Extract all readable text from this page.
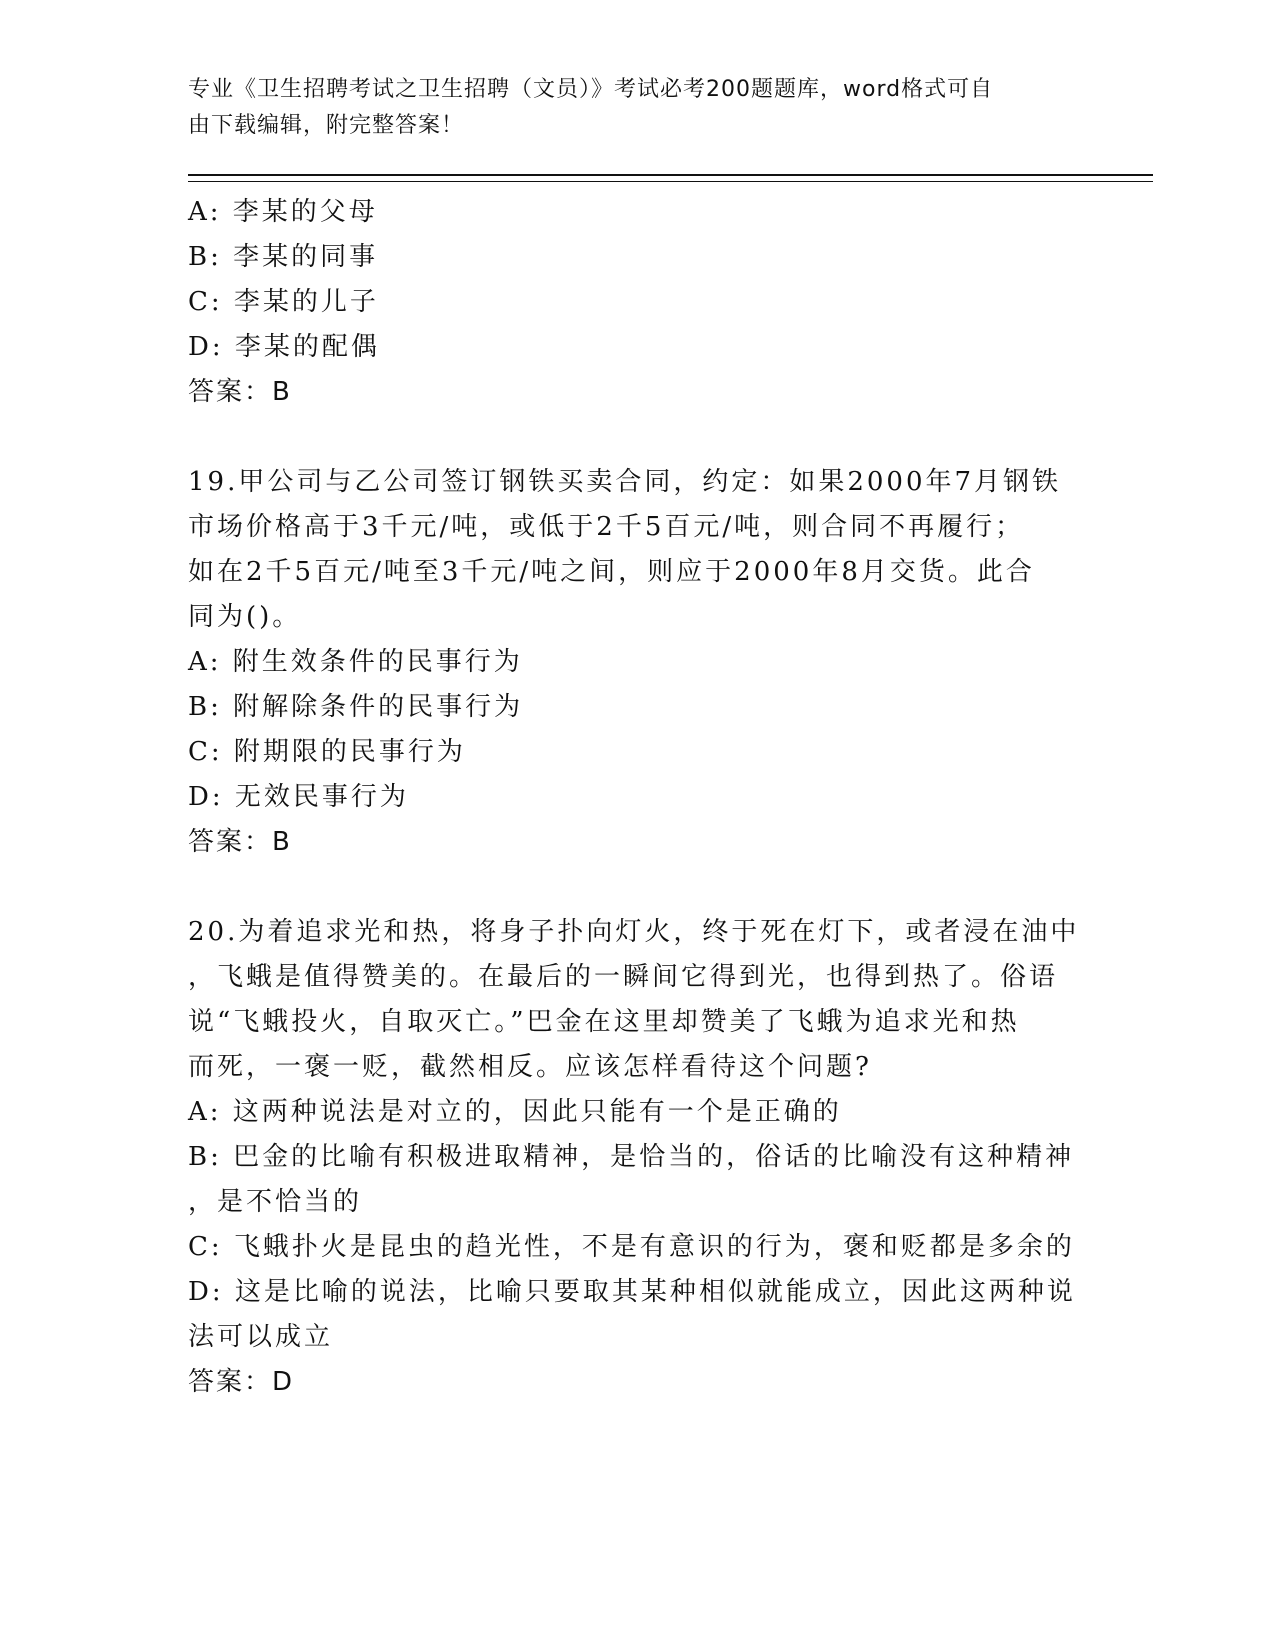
专业《卫生招聘考试之卫生招聘（文员）》考试必考200题题库，word格式可自

由下载编辑，附完整答案！

A: 李某的父母

B: 李某的同事

C: 李某的儿子

D: 李某的配偶

答案：B

19.甲公司与乙公司签订钢铁买卖合同，约定：如果2000年7月钢铁

市场价格高于3千元/吨，或低于2千5百元/吨，则合同不再履行；

如在2千5百元/吨至3千元/吨之间，则应于2000年8月交货。此合

同为()。

A: 附生效条件的民事行为

B: 附解除条件的民事行为

C: 附期限的民事行为

D: 无效民事行为

答案：B

20.为着追求光和热，将身子扑向灯火，终于死在灯下，或者浸在油中

，飞蛾是值得赞美的。在最后的一瞬间它得到光，也得到热了。俗语

说“飞蛾投火，自取灭亡。”巴金在这里却赞美了飞蛾为追求光和热

而死，一褒一贬，截然相反。应该怎样看待这个问题?

A: 这两种说法是对立的，因此只能有一个是正确的

B: 巴金的比喻有积极进取精神，是恰当的，俗话的比喻没有这种精神

，是不恰当的

C: 飞蛾扑火是昆虫的趋光性，不是有意识的行为，褒和贬都是多余的

D: 这是比喻的说法，比喻只要取其某种相似就能成立，因此这两种说

法可以成立

答案：D
